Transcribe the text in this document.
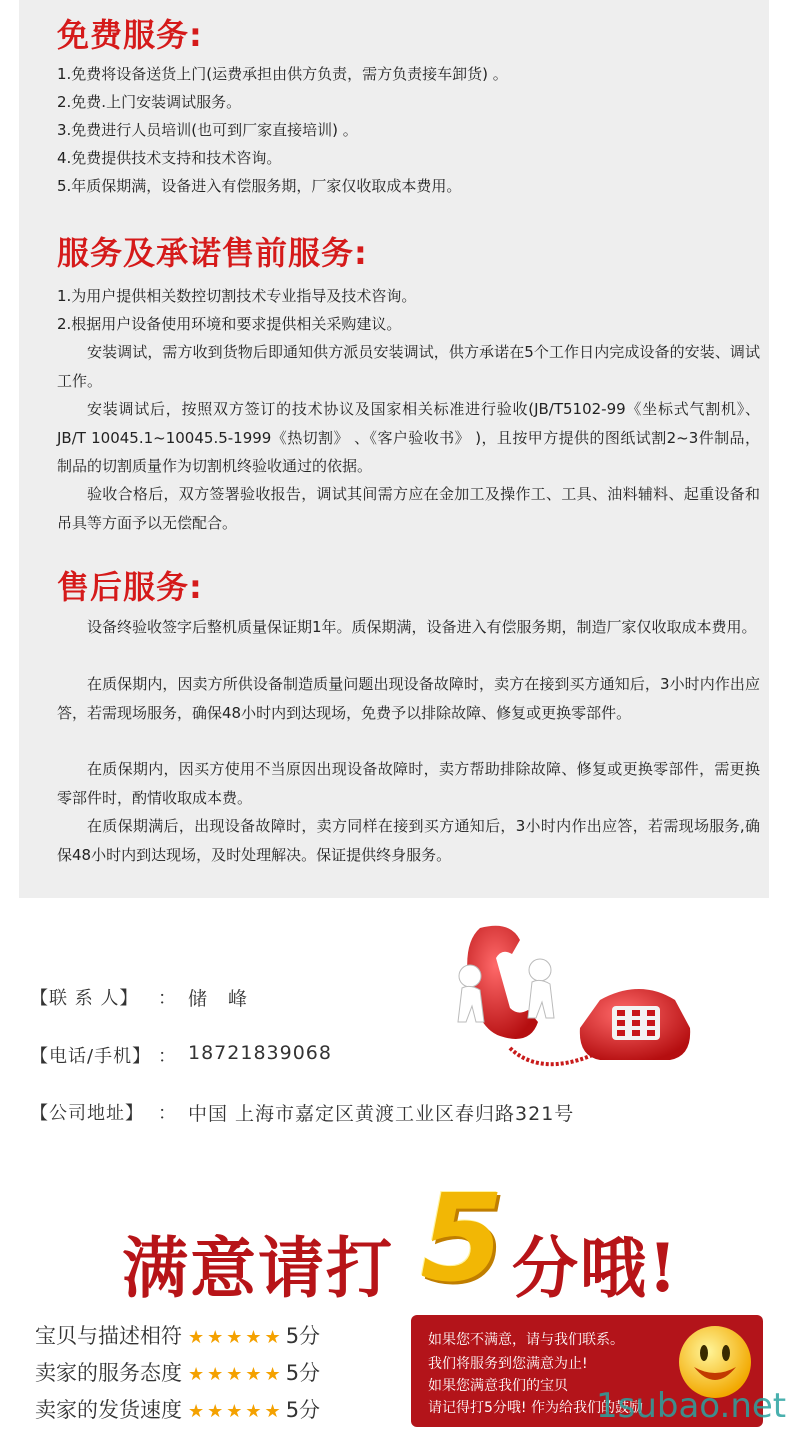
免费服务:

1.免费将设备送货上门(运费承担由供方负责，需方负责接车卸货) 。

2.免费.上门安装调试服务。

3.免费进行人员培训(也可到厂家直接培训) 。

4.免费提供技术支持和技术咨询。

5.年质保期满，设备进入有偿服务期，厂家仅收取成本费用。

服务及承诺售前服务:

1.为用户提供相关数控切割技术专业指导及技术咨询。

2.根据用户设备使用环境和要求提供相关采购建议。

安装调试，需方收到货物后即通知供方派员安装调试，供方承诺在5个工作日内完成设备的安装、调试工作。

安装调试后，按照双方签订的技术协议及国家相关标准进行验收(JB/T5102-99《坐标式气割机》、JB/T 10045.1~10045.5-1999《热切割》 、《客户验收书》 )，且按甲方提供的图纸试割2~3件制品，制品的切割质量作为切割机终验收通过的依据。

验收合格后，双方签署验收报告，调试其间需方应在金加工及操作工、工具、油料辅料、起重设备和吊具等方面予以无偿配合。

售后服务:

设备终验收签字后整机质量保证期1年。质保期满，设备进入有偿服务期，制造厂家仅收取成本费用。

在质保期内，因卖方所供设备制造质量问题出现设备故障时，卖方在接到买方通知后，3小时内作出应答，若需现场服务，确保48小时内到达现场，免费予以排除故障、修复或更换零部件。

在质保期内，因买方使用不当原因出现设备故障时，卖方帮助排除故障、修复或更换零部件，需更换零部件时，酌情收取成本费。

在质保期满后，出现设备故障时，卖方同样在接到买方通知后，3小时内作出应答，若需现场服务,确保48小时内到达现场，及时处理解决。保证提供终身服务。

【联 系 人】 ： 储　峰
【电话/手机】 ： 18721839068
【公司地址】 ： 中国 上海市嘉定区黄渡工业区春归路321号
满意请打 5 分哦!
宝贝与描述相符 ★★★★★5分
卖家的服务态度 ★★★★★5分
卖家的发货速度 ★★★★★5分
如果您不满意，请与我们联系。
我们将服务到您满意为止!
如果您满意我们的宝贝
请记得打5分哦! 作为给我们的鼓励
1subao.net
